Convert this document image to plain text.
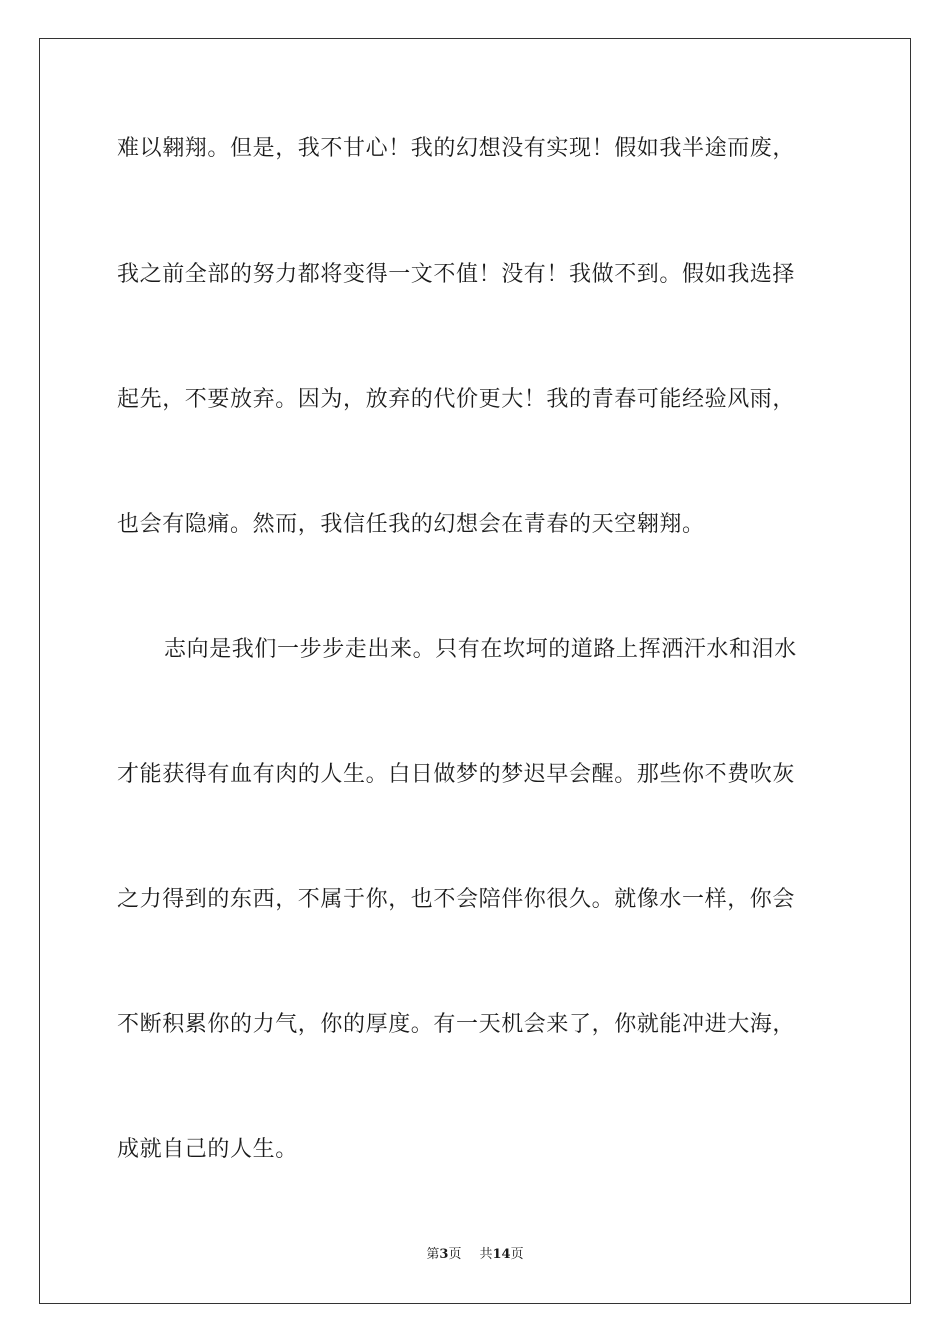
难以翱翔。但是，我不甘心！我的幻想没有实现！假如我半途而废，
我之前全部的努力都将变得一文不值！没有！我做不到。假如我选择
起先，不要放弃。因为，放弃的代价更大！我的青春可能经验风雨，
也会有隐痛。然而，我信任我的幻想会在青春的天空翱翔。
志向是我们一步步走出来。只有在坎坷的道路上挥洒汗水和泪水
才能获得有血有肉的人生。白日做梦的梦迟早会醒。那些你不费吹灰
之力得到的东西，不属于你，也不会陪伴你很久。就像水一样，你会
不断积累你的力气，你的厚度。有一天机会来了，你就能冲进大海，
成就自己的人生。
第3页 共14页
